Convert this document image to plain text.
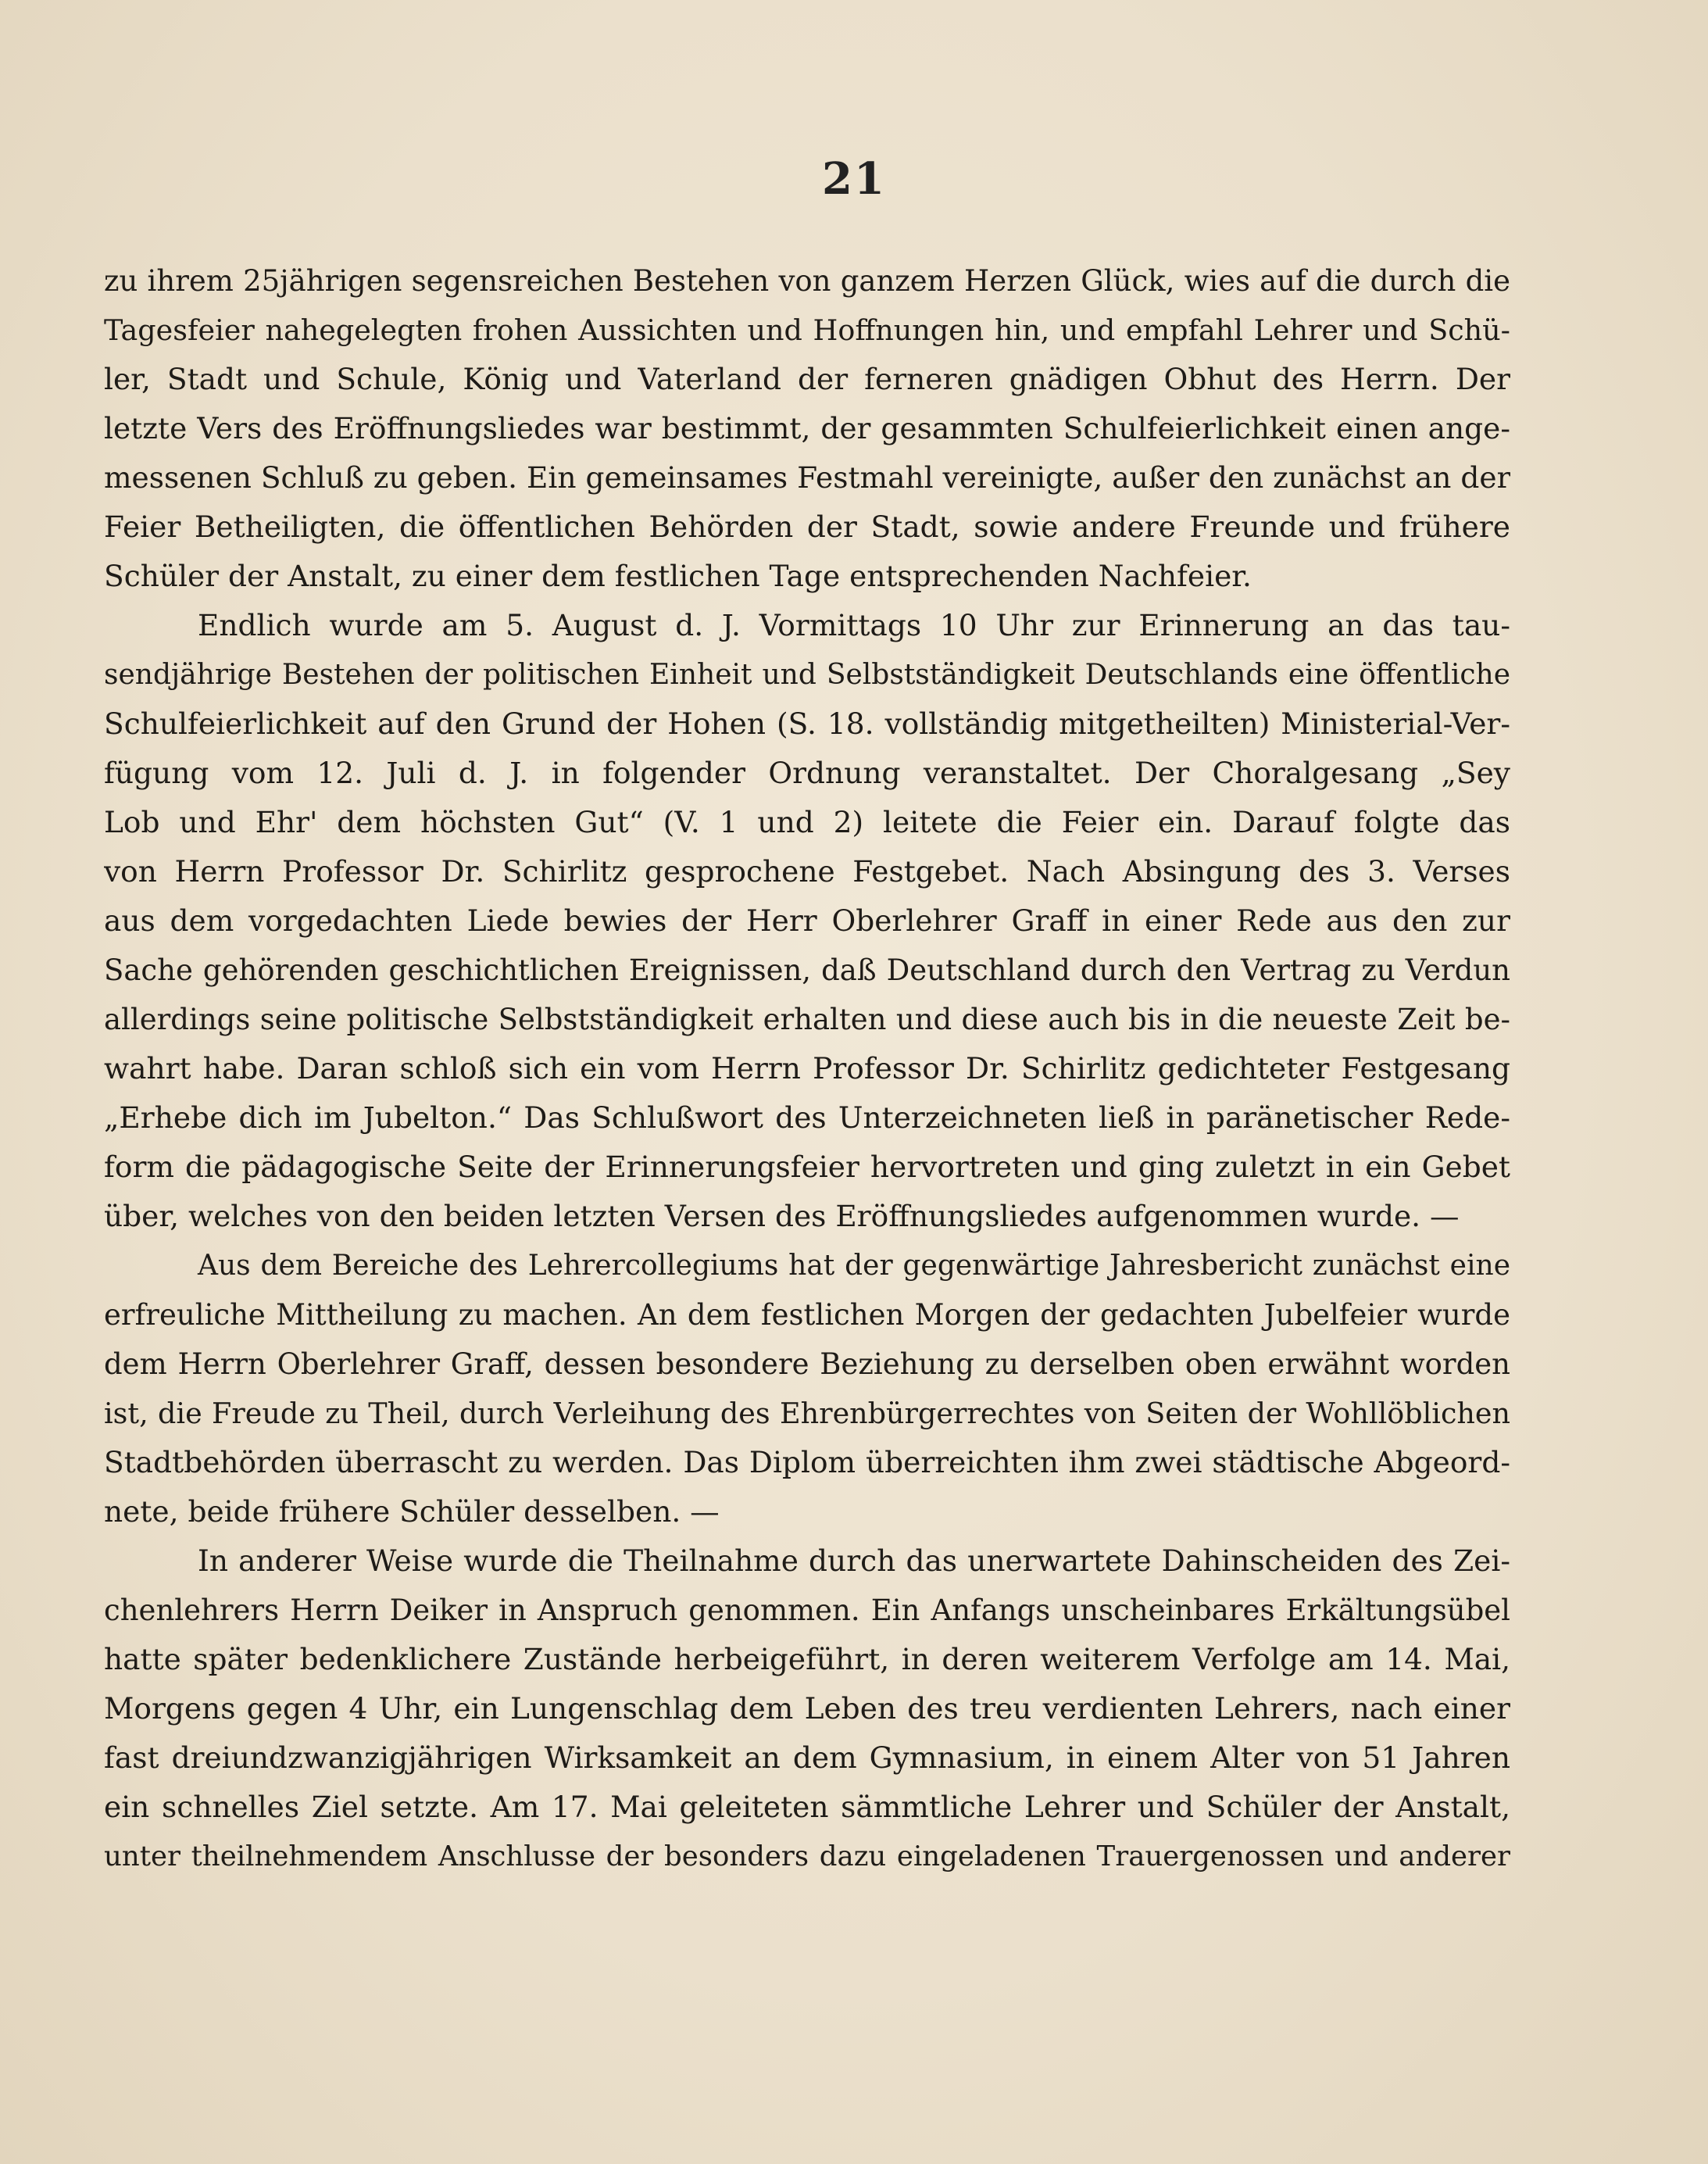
21
zu ihrem 25jährigen segensreichen Bestehen von ganzem Herzen Glück, wies auf die durch die
Tagesfeier nahegelegten frohen Aussichten und Hoffnungen hin, und empfahl Lehrer und Schü-
ler, Stadt und Schule, König und Vaterland der ferneren gnädigen Obhut des Herrn. Der
letzte Vers des Eröffnungsliedes war bestimmt, der gesammten Schulfeierlichkeit einen ange-
messenen Schluß zu geben. Ein gemeinsames Festmahl vereinigte, außer den zunächst an der
Feier Betheiligten, die öffentlichen Behörden der Stadt, sowie andere Freunde und frühere
Schüler der Anstalt, zu einer dem festlichen Tage entsprechenden Nachfeier.
Endlich wurde am 5. August d. J. Vormittags 10 Uhr zur Erinnerung an das tau-
sendjährige Bestehen der politischen Einheit und Selbstständigkeit Deutschlands eine öffentliche
Schulfeierlichkeit auf den Grund der Hohen (S. 18. vollständig mitgetheilten) Ministerial-Ver-
fügung vom 12. Juli d. J. in folgender Ordnung veranstaltet. Der Choralgesang „Sey
Lob und Ehr' dem höchsten Gut“ (V. 1 und 2) leitete die Feier ein. Darauf folgte das
von Herrn Professor Dr. Schirlitz gesprochene Festgebet. Nach Absingung des 3. Verses
aus dem vorgedachten Liede bewies der Herr Oberlehrer Graff in einer Rede aus den zur
Sache gehörenden geschichtlichen Ereignissen, daß Deutschland durch den Vertrag zu Verdun
allerdings seine politische Selbstständigkeit erhalten und diese auch bis in die neueste Zeit be-
wahrt habe. Daran schloß sich ein vom Herrn Professor Dr. Schirlitz gedichteter Festgesang
„Erhebe dich im Jubelton.“ Das Schlußwort des Unterzeichneten ließ in paränetischer Rede-
form die pädagogische Seite der Erinnerungsfeier hervortreten und ging zuletzt in ein Gebet
über, welches von den beiden letzten Versen des Eröffnungsliedes aufgenommen wurde. —
Aus dem Bereiche des Lehrercollegiums hat der gegenwärtige Jahresbericht zunächst eine
erfreuliche Mittheilung zu machen. An dem festlichen Morgen der gedachten Jubelfeier wurde
dem Herrn Oberlehrer Graff, dessen besondere Beziehung zu derselben oben erwähnt worden
ist, die Freude zu Theil, durch Verleihung des Ehrenbürgerrechtes von Seiten der Wohllöblichen
Stadtbehörden überrascht zu werden. Das Diplom überreichten ihm zwei städtische Abgeord-
nete, beide frühere Schüler desselben. —
In anderer Weise wurde die Theilnahme durch das unerwartete Dahinscheiden des Zei-
chenlehrers Herrn Deiker in Anspruch genommen. Ein Anfangs unscheinbares Erkältungsübel
hatte später bedenklichere Zustände herbeigeführt, in deren weiterem Verfolge am 14. Mai,
Morgens gegen 4 Uhr, ein Lungenschlag dem Leben des treu verdienten Lehrers, nach einer
fast dreiundzwanzigjährigen Wirksamkeit an dem Gymnasium, in einem Alter von 51 Jahren
ein schnelles Ziel setzte. Am 17. Mai geleiteten sämmtliche Lehrer und Schüler der Anstalt,
unter theilnehmendem Anschlusse der besonders dazu eingeladenen Trauergenossen und anderer
